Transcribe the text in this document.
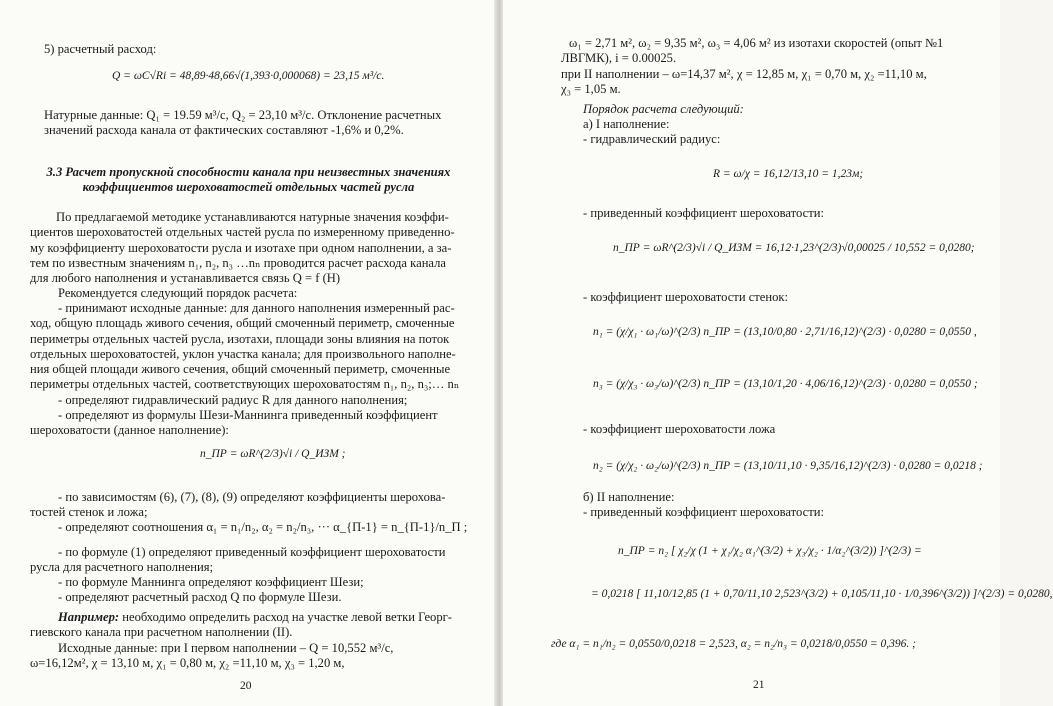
5) расчетный расход:
Q = ωC√Ri = 48,89·48,66√(1,393·0,000068) = 23,15 м³/с.
Натурные данные: Q₁ = 19.59 м³/с, Q₂ = 23,10 м³/с. Отклонение расчетных
значений расхода канала от фактических составляют -1,6% и 0,2%.
3.3 Расчет пропускной способности канала при неизвестных значениях коэффициентов шероховатостей отдельных частей русла
По предлагаемой методике устанавливаются натурные значения коэффи-
циентов шероховатостей отдельных частей русла по измеренному приведенно-
му коэффициенту шероховатости русла и изотахе при одном наполнении, а за-
тем по известным значениям n₁, n₂, n₃ …nₙ проводится расчет расхода канала
для любого наполнения и устанавливается связь Q = f (H)
Рекомендуется следующий порядок расчета:
- принимают исходные данные: для данного наполнения измеренный рас-
ход, общую площадь живого сечения, общий смоченный периметр, смоченные
периметры отдельных частей русла, изотахи, площади зоны влияния на поток
отдельных шероховатостей, уклон участка канала; для произвольного наполне-
ния общей площади живого сечения, общий смоченный периметр, смоченные
периметры отдельных частей, соответствующих шероховатостям n₁, n₂, n₃;… nₙ
- определяют гидравлический радиус R для данного наполнения;
- определяют из формулы Шези-Маннинга приведенный коэффициент
шероховатости (данное наполнение):
n_ПР = ωR^(2/3)√i / Q_ИЗМ ;
- по зависимостям (6), (7), (8), (9) определяют коэффициенты шерохова-
тостей стенок и ложа;
- определяют соотношения α₁ = n₁/n₂, α₂ = n₂/n₃, ··· α_{П-1} = n_{П-1}/n_П ;
- по формуле (1) определяют приведенный коэффициент шероховатости
русла для расчетного наполнения;
- по формуле Маннинга определяют коэффициент Шези;
- определяют расчетный расход Q по формуле Шези.
Например: необходимо определить расход на участке левой ветки Георг-
гиевского канала при расчетном наполнении (II).
Исходные данные: при I первом наполнении – Q = 10,552 м³/с,
ω=16,12м², χ = 13,10 м, χ₁ = 0,80 м, χ₂ =11,10 м, χ₃ = 1,20 м,
20
ω₁ = 2,71 м², ω₂ = 9,35 м², ω₃ = 4,06 м² из изотахи скоростей (опыт №1
ЛВГМК), i = 0.00025.
при II наполнении – ω=14,37 м², χ = 12,85 м, χ₁ = 0,70 м, χ₂ =11,10 м,
χ₃ = 1,05 м.
Порядок расчета следующий:
а) I наполнение:
- гидравлический радиус:
R = ω/χ = 16,12/13,10 = 1,23м;
- приведенный коэффициент шероховатости:
n_ПР = ωR^(2/3)√i / Q_ИЗМ = 16,12·1,23^(2/3)√0,00025 / 10,552 = 0,0280;
- коэффициент шероховатости стенок:
n₁ = (χ/χ₁ · ω₁/ω)^(2/3) n_ПР = (13,10/0,80 · 2,71/16,12)^(2/3) · 0,0280 = 0,0550 ,
n₃ = (χ/χ₃ · ω₃/ω)^(2/3) n_ПР = (13,10/1,20 · 4,06/16,12)^(2/3) · 0,0280 = 0,0550 ;
- коэффициент шероховатости ложа
n₂ = (χ/χ₂ · ω₂/ω)^(2/3) n_ПР = (13,10/11,10 · 9,35/16,12)^(2/3) · 0,0280 = 0,0218 ;
б) II наполнение:
- приведенный коэффициент шероховатости:
n_ПР = n₂ [ χ₂/χ (1 + χ₁/χ₂ α₁^(3/2) + χ₃/χ₂ · 1/α₂^(3/2)) ]^(2/3) =
= 0,0218 [ 11,10/12,85 (1 + 0,70/11,10 2,523^(3/2) + 0,105/11,10 · 1/0,396^(3/2)) ]^(2/3) = 0,0280,
где α₁ = n₁/n₂ = 0,0550/0,0218 = 2,523, α₂ = n₂/n₃ = 0,0218/0,0550 = 0,396. ;
21
